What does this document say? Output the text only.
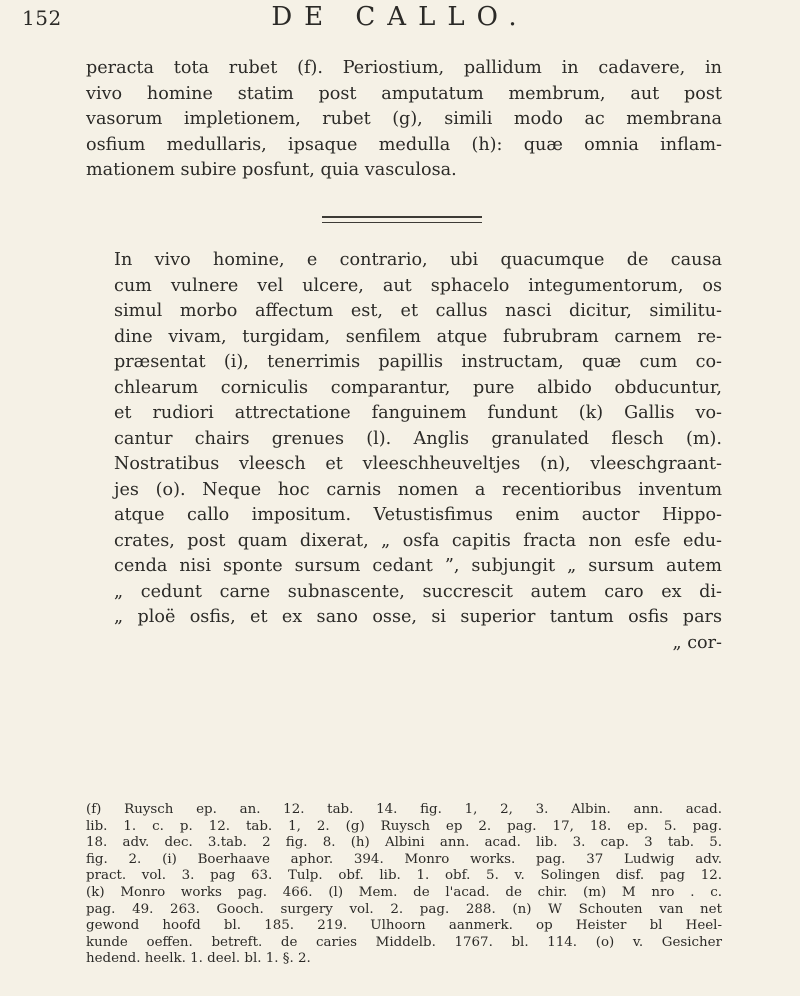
152	DE CALLO.
peracta tota rubet (f). Periostium, pallidum in cadavere, in
vivo homine statim post amputatum membrum, aut post
vasorum impletionem, rubet (g), simili modo ac membrana
osfium medullaris, ipsaque medulla (h): quæ omnia inflam-
mationem subire posfunt, quia vasculosa.
In vivo homine, e contrario, ubi quacumque de causa
cum vulnere vel ulcere, aut sphacelo integumentorum, os
simul morbo affectum est, et callus nasci dicitur, similitu-
dine vivam, turgidam, senfilem atque fubrubram carnem re-
præsentat (i), tenerrimis papillis instructam, quæ cum co-
chlearum corniculis comparantur, pure albido obducuntur,
et rudiori attrectatione fanguinem fundunt (k) Gallis vo-
cantur chairs grenues (l). Anglis granulated flesch (m).
Nostratibus vleesch et vleeschheuveltjes (n), vleeschgraant-
jes (o). Neque hoc carnis nomen a recentioribus inventum
atque callo impositum. Vetustisfimus enim auctor Hippo-
crates, post quam dixerat, „ osfa capitis fracta non esfe edu-
cenda nisi sponte sursum cedant ”, subjungit „ sursum autem
„ cedunt carne subnascente, succrescit autem caro ex di-
„ ploë osfis, et ex sano osse, si superior tantum osfis pars
„ cor-
(f) Ruysch ep. an. 12. tab. 14. fig. 1, 2, 3. Albin. ann. acad.
lib. 1. c. p. 12. tab. 1, 2. (g) Ruysch ep 2. pag. 17, 18. ep. 5. pag.
18. adv. dec. 3.tab. 2 fig. 8. (h) Albini ann. acad. lib. 3. cap. 3 tab. 5.
fig. 2. (i) Boerhaave aphor. 394. Monro works. pag. 37 Ludwig adv.
pract. vol. 3. pag 63. Tulp. obf. lib. 1. obf. 5. v. Solingen disf. pag 12.
(k) Monro works pag. 466. (l) Mem. de l'acad. de chir. (m) M nro . c.
pag. 49. 263. Gooch. surgery vol. 2. pag. 288. (n) W Schouten van net
gewond hoofd bl. 185. 219. Ulhoorn aanmerk. op Heister bl Heel-
kunde oeffen. betreft. de caries Middelb. 1767. bl. 114. (o) v. Gesicher
hedend. heelk. 1. deel. bl. 1. §. 2.
